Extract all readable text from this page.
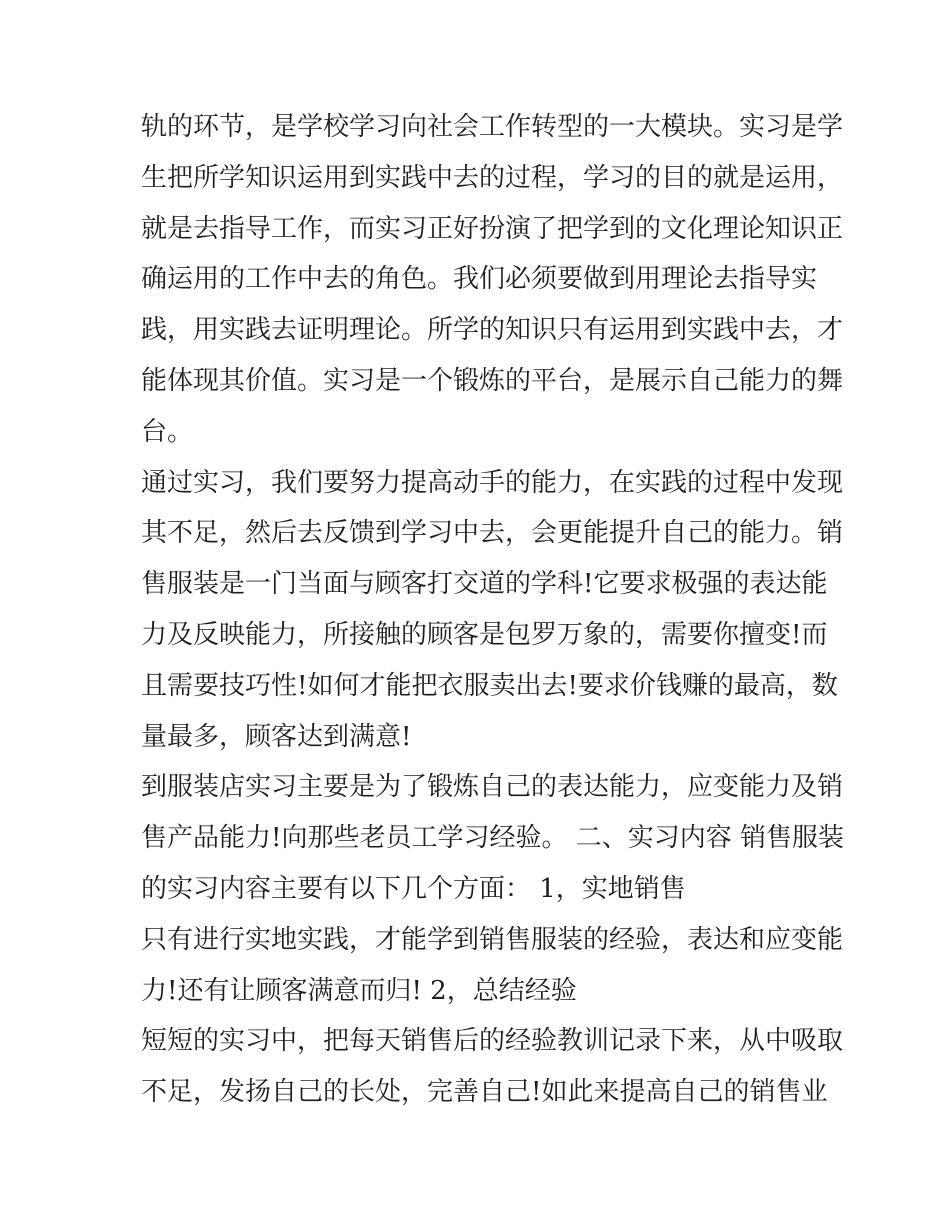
轨的环节，是学校学习向社会工作转型的一大模块。实习是学
生把所学知识运用到实践中去的过程，学习的目的就是运用，
就是去指导工作，而实习正好扮演了把学到的文化理论知识正
确运用的工作中去的角色。我们必须要做到用理论去指导实
践，用实践去证明理论。所学的知识只有运用到实践中去，才
能体现其价值。实习是一个锻炼的平台，是展示自己能力的舞
台。
通过实习，我们要努力提高动手的能力，在实践的过程中发现
其不足，然后去反馈到学习中去，会更能提升自己的能力。销
售服装是一门当面与顾客打交道的学科!它要求极强的表达能
力及反映能力，所接触的顾客是包罗万象的，需要你擅变!而
且需要技巧性!如何才能把衣服卖出去!要求价钱赚的最高，数
量最多，顾客达到满意!
到服装店实习主要是为了锻炼自己的表达能力，应变能力及销
售产品能力!向那些老员工学习经验。 二、实习内容 销售服装
的实习内容主要有以下几个方面： 1，实地销售
只有进行实地实践，才能学到销售服装的经验，表达和应变能
力!还有让顾客满意而归! 2，总结经验
短短的实习中，把每天销售后的经验教训记录下来，从中吸取
不足，发扬自己的长处，完善自己!如此来提高自己的销售业
